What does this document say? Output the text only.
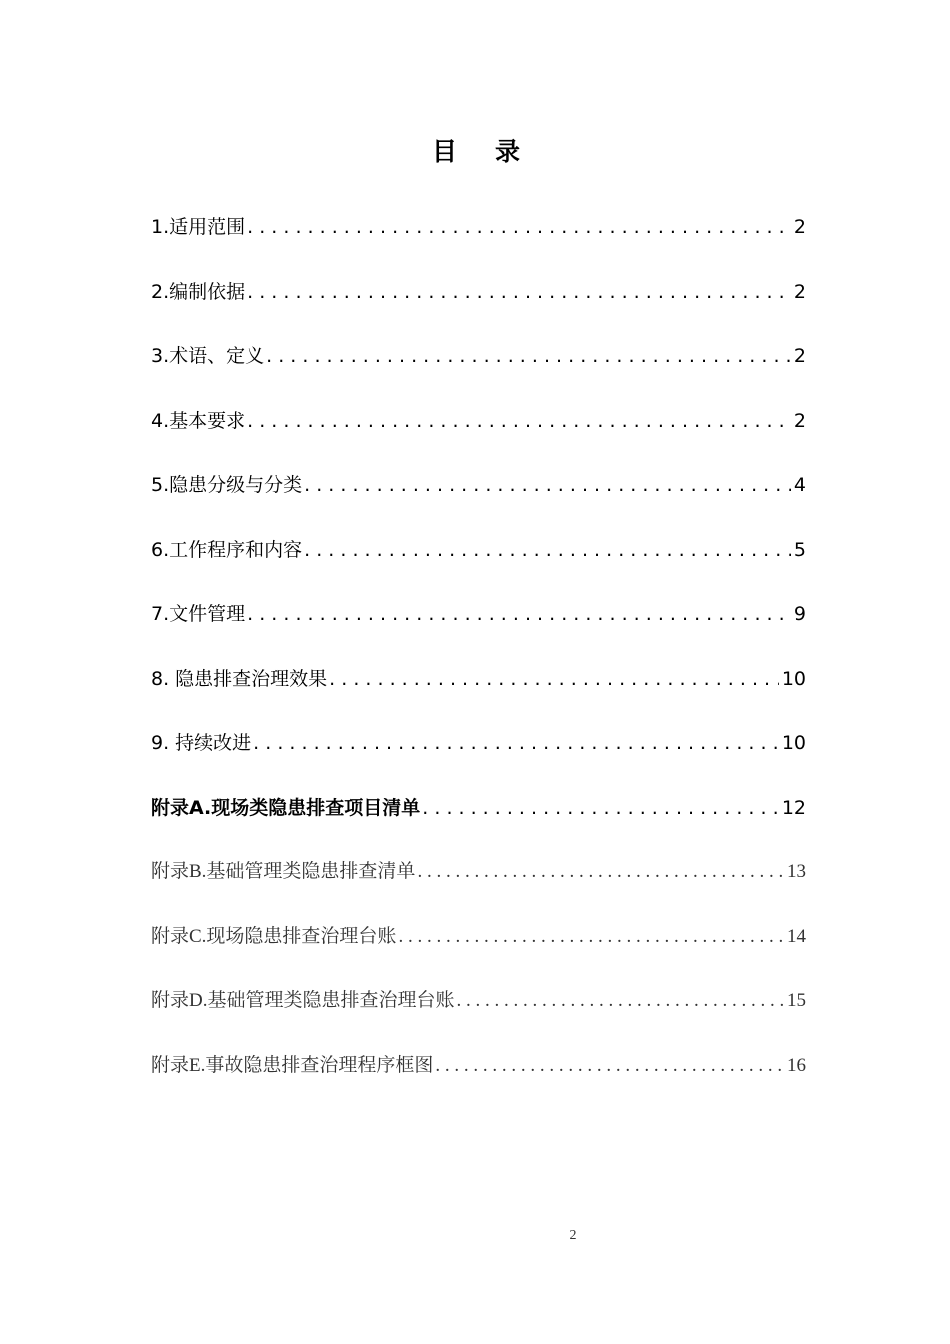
目录
1.适用范围 . . .	2
2.编制依据 . . .	2
3.术语、定义 . . .	2
4.基本要求 . . .	2
5.隐患分级与分类 . . .	4
6.工作程序和内容 . . .	5
7.文件管理 . . .	9
8. 隐患排查治理效果 . . .	10
9. 持续改进 . . .	10
附录A.现场类隐患排查项目清单 . . .	12
附录B.基础管理类隐患排查清单 . . .	13
附录C.现场隐患排查治理台账 . . .	14
附录D.基础管理类隐患排查治理台账 . . .	15
附录E.事故隐患排查治理程序框图 . . .	16
2
